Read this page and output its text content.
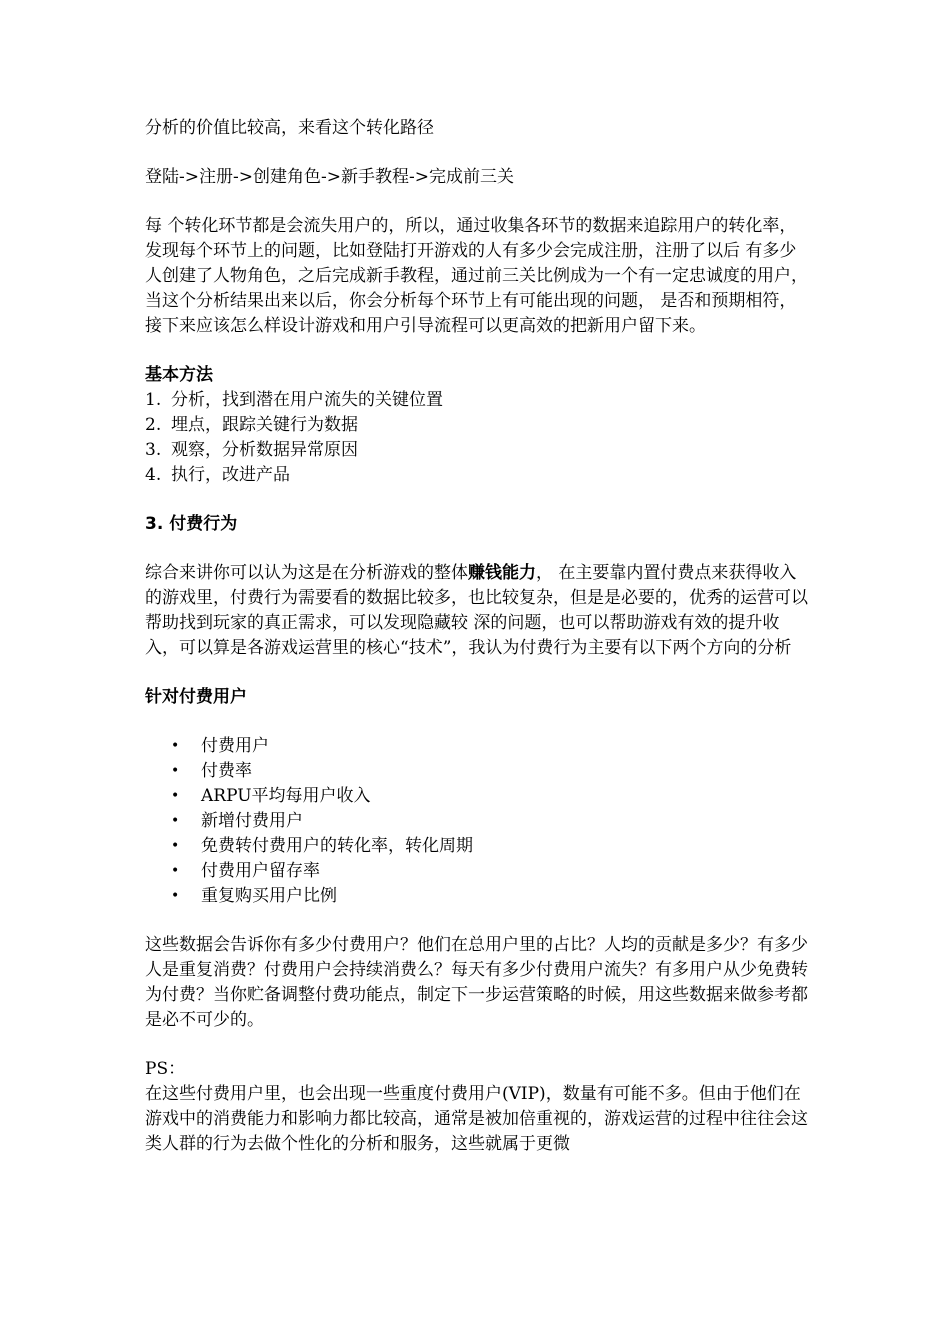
分析的价值比较高，来看这个转化路径

登陆->注册->创建角色->新手教程->完成前三关

每 个转化环节都是会流失用户的，所以，通过收集各环节的数据来追踪用户的转化率，发现每个环节上的问题，比如登陆打开游戏的人有多少会完成注册，注册了以后 有多少人创建了人物角色，之后完成新手教程，通过前三关比例成为一个有一定忠诚度的用户，当这个分析结果出来以后，你会分析每个环节上有可能出现的问题， 是否和预期相符，接下来应该怎么样设计游戏和用户引导流程可以更高效的把新用户留下来。

基本方法

1. 分析，找到潜在用户流失的关键位置
2. 埋点，跟踪关键行为数据
3. 观察，分析数据异常原因
4. 执行，改进产品

3. 付费行为

综合来讲你可以认为这是在分析游戏的整体赚钱能力， 在主要靠内置付费点来获得收入的游戏里，付费行为需要看的数据比较多，也比较复杂，但是是必要的，优秀的运营可以帮助找到玩家的真正需求，可以发现隐藏较 深的问题，也可以帮助游戏有效的提升收入，可以算是各游戏运营里的核心“技术”，我认为付费行为主要有以下两个方向的分析

针对付费用户

•	付费用户
•	付费率
•	ARPU平均每用户收入
•	新增付费用户
•	免费转付费用户的转化率，转化周期
•	付费用户留存率
•	重复购买用户比例

这些数据会告诉你有多少付费用户？他们在总用户里的占比？人均的贡献是多少？有多少人是重复消费？付费用户会持续消费么？每天有多少付费用户流失？有多用户从少免费转为付费？当你贮备调整付费功能点，制定下一步运营策略的时候，用这些数据来做参考都是必不可少的。

PS：

在这些付费用户里，也会出现一些重度付费用户(VIP)，数量有可能不多。但由于他们在游戏中的消费能力和影响力都比较高，通常是被加倍重视的，游戏运营的过程中往往会这类人群的行为去做个性化的分析和服务，这些就属于更微
